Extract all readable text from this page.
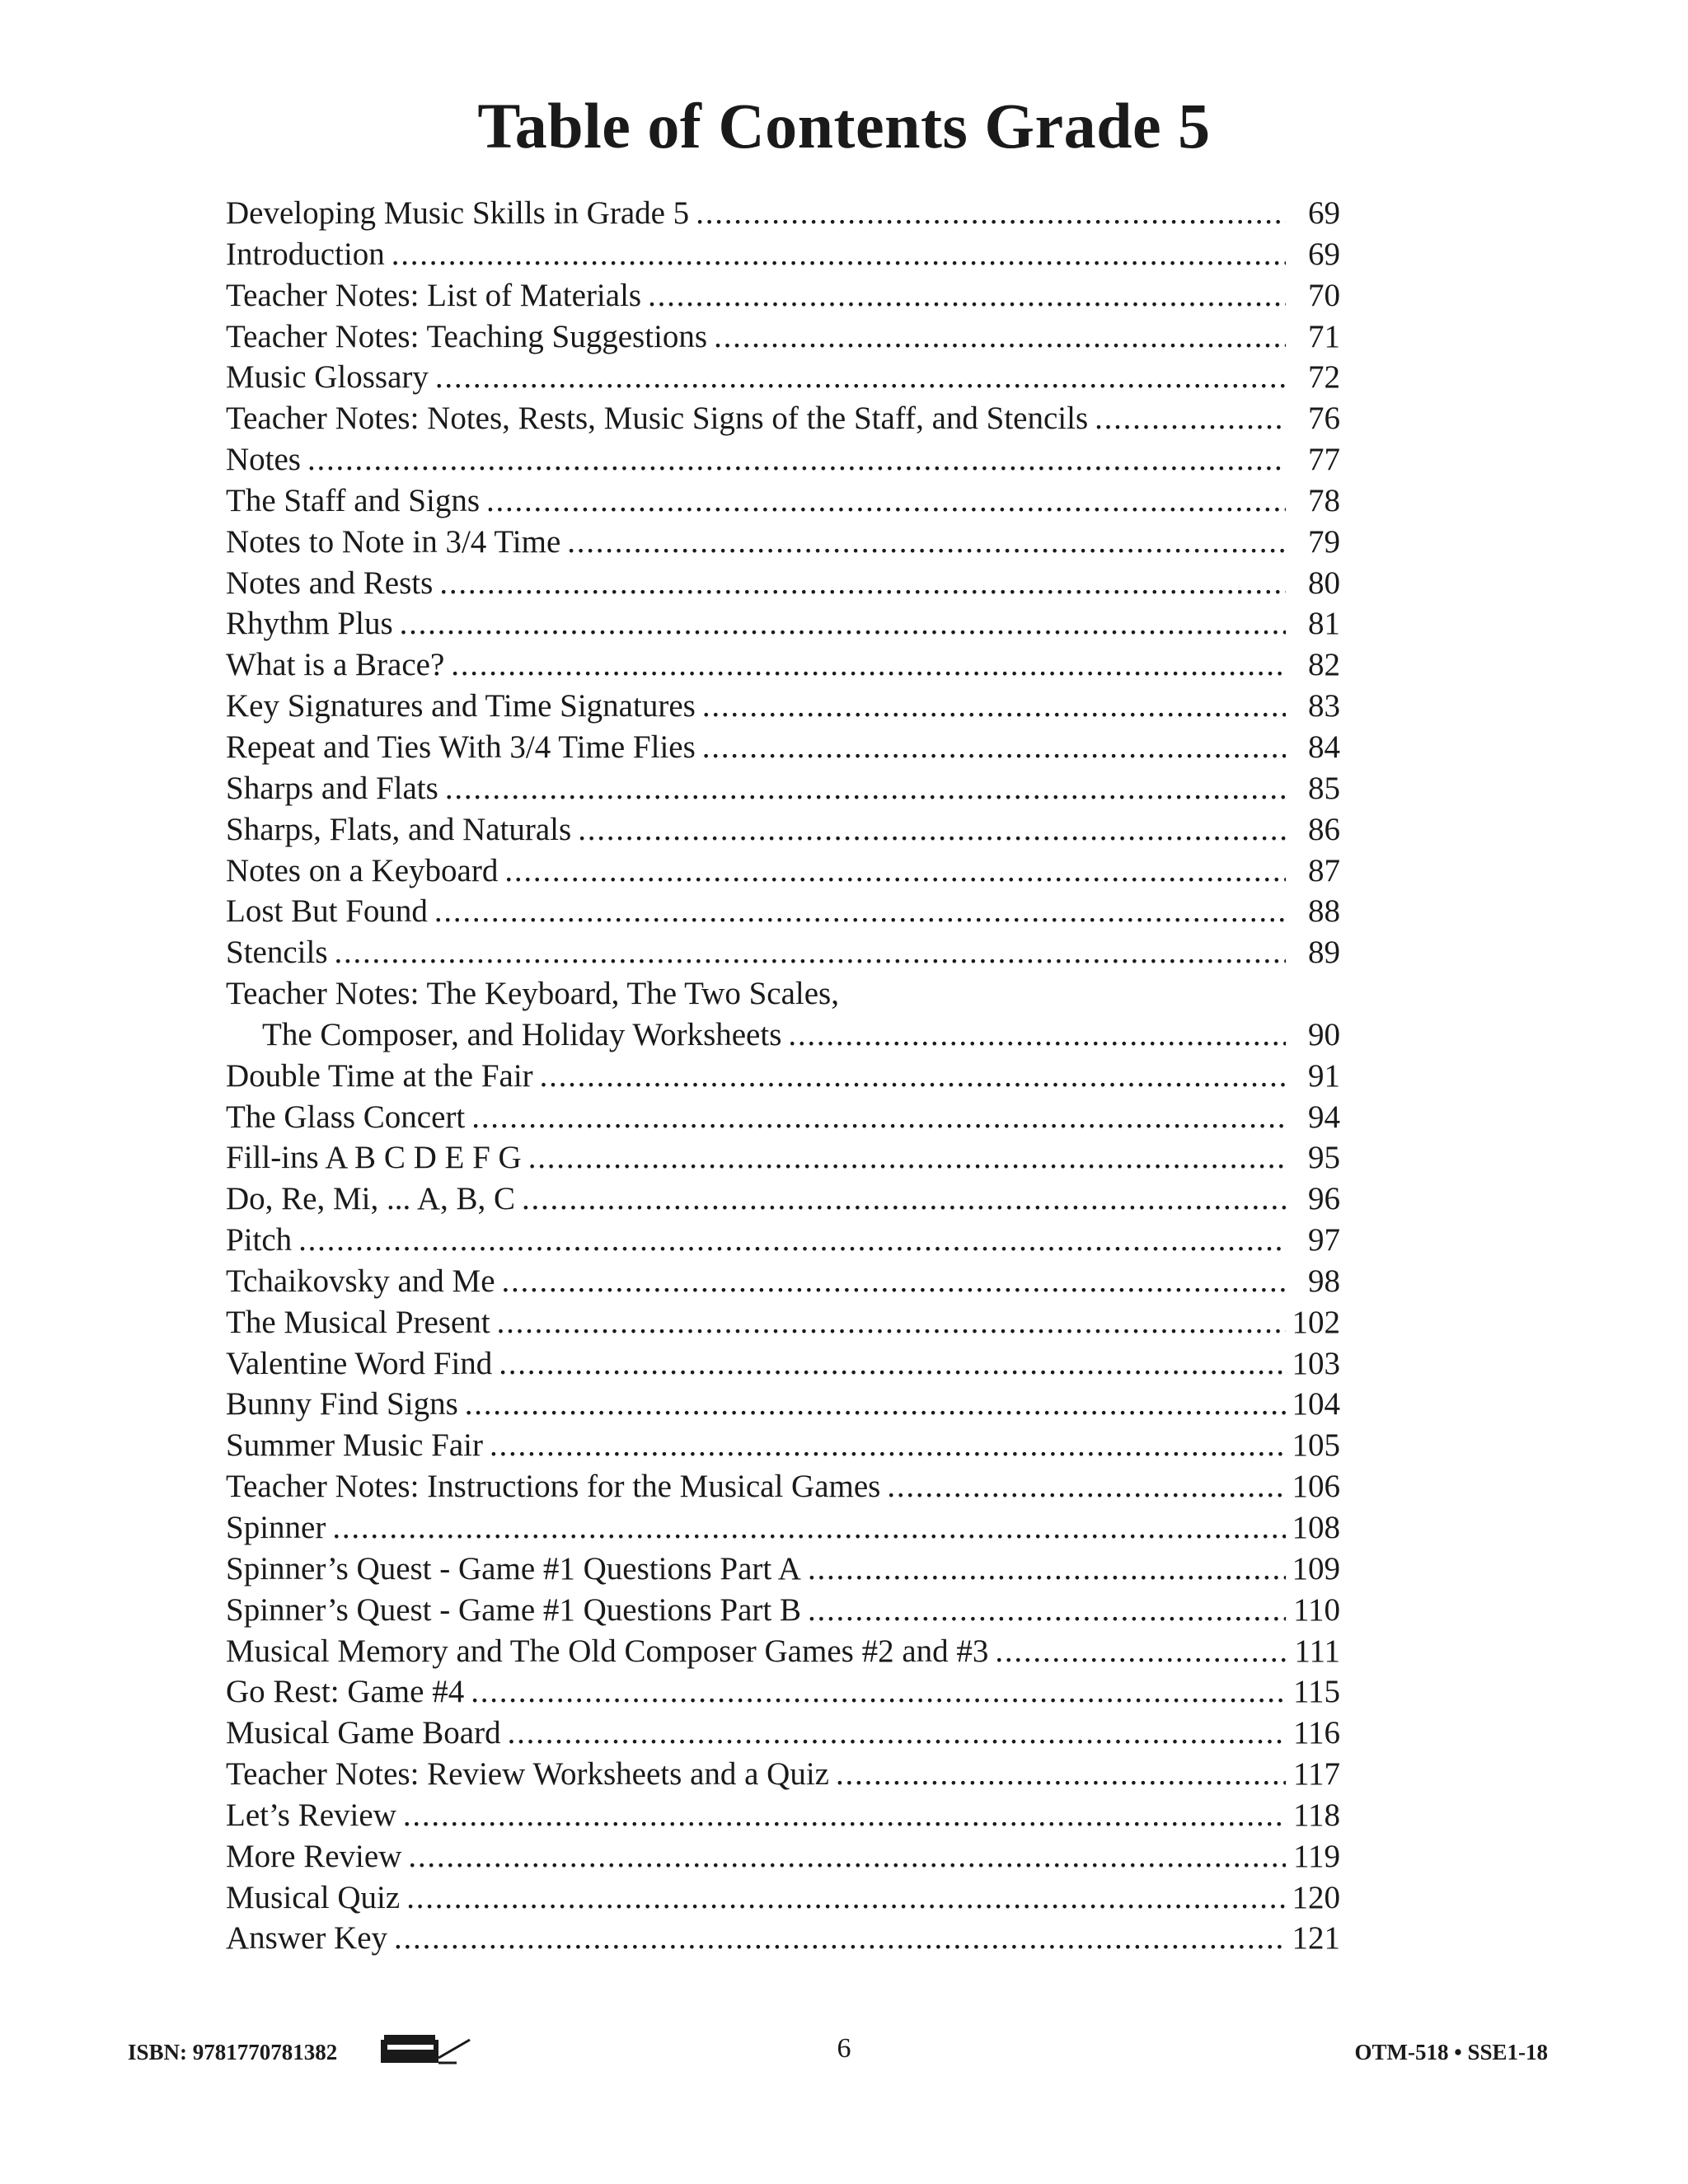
Table of Contents Grade 5
Developing Music Skills in Grade 5 . . .	69
Introduction . . .	69
Teacher Notes: List of Materials . . .	70
Teacher Notes: Teaching Suggestions . . .	71
Music Glossary . . .	72
Teacher Notes: Notes, Rests, Music Signs of the Staff, and Stencils . . .	76
Notes . . .	77
The Staff and Signs . . .	78
Notes to Note in 3/4 Time . . .	79
Notes and Rests . . .	80
Rhythm Plus . . .	81
What is a Brace? . . .	82
Key Signatures and Time Signatures . . .	83
Repeat and Ties With 3/4 Time Flies . . .	84
Sharps and Flats . . .	85
Sharps, Flats, and Naturals . . .	86
Notes on a Keyboard . . .	87
Lost But Found . . .	88
Stencils . . .	89
Teacher Notes: The Keyboard, The Two Scales,
The Composer, and Holiday Worksheets . . .	90
Double Time at the Fair . . .	91
The Glass Concert . . .	94
Fill-ins A B C D E F G . . .	95
Do, Re, Mi, ... A, B, C . . .	96
Pitch . . .	97
Tchaikovsky and Me . . .	98
The Musical Present . . .	102
Valentine Word Find . . .	103
Bunny Find Signs . . .	104
Summer Music Fair . . .	105
Teacher Notes: Instructions for the Musical Games . . .	106
Spinner . . .	108
Spinner’s Quest - Game #1 Questions Part A . . .	109
Spinner’s Quest - Game #1 Questions Part B . . .	110
Musical Memory and The Old Composer Games #2 and #3 . . .	111
Go Rest: Game #4 . . .	115
Musical Game Board . . .	116
Teacher Notes: Review Worksheets and a Quiz . . .	117
Let’s Review . . .	118
More Review . . .	119
Musical Quiz . . .	120
Answer Key . . .	121
ISBN: 9781770781382	6	OTM-518 • SSE1-18
